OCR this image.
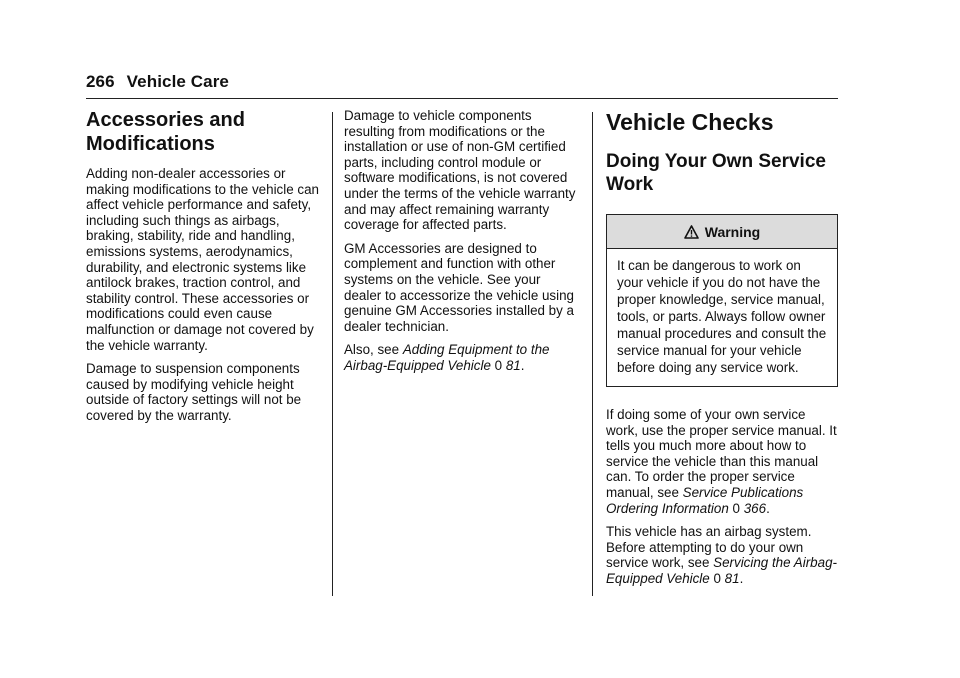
266 Vehicle Care
Accessories and Modifications

Adding non-dealer accessories or making modifications to the vehicle can affect vehicle performance and safety, including such things as airbags, braking, stability, ride and handling, emissions systems, aerodynamics, durability, and electronic systems like antilock brakes, traction control, and stability control. These accessories or modifications could even cause malfunction or damage not covered by the vehicle warranty.

Damage to suspension components caused by modifying vehicle height outside of factory settings will not be covered by the warranty.

Damage to vehicle components resulting from modifications or the installation or use of non-GM certified parts, including control module or software modifications, is not covered under the terms of the vehicle warranty and may affect remaining warranty coverage for affected parts.

GM Accessories are designed to complement and function with other systems on the vehicle. See your dealer to accessorize the vehicle using genuine GM Accessories installed by a dealer technician.

Also, see Adding Equipment to the Airbag-Equipped Vehicle 0 81.

Vehicle Checks
Doing Your Own Service Work
Warning
It can be dangerous to work on your vehicle if you do not have the proper knowledge, service manual, tools, or parts. Always follow owner manual procedures and consult the service manual for your vehicle before doing any service work.

If doing some of your own service work, use the proper service manual. It tells you much more about how to service the vehicle than this manual can. To order the proper service manual, see Service Publications Ordering Information 0 366.

This vehicle has an airbag system. Before attempting to do your own service work, see Servicing the Airbag-Equipped Vehicle 0 81.
